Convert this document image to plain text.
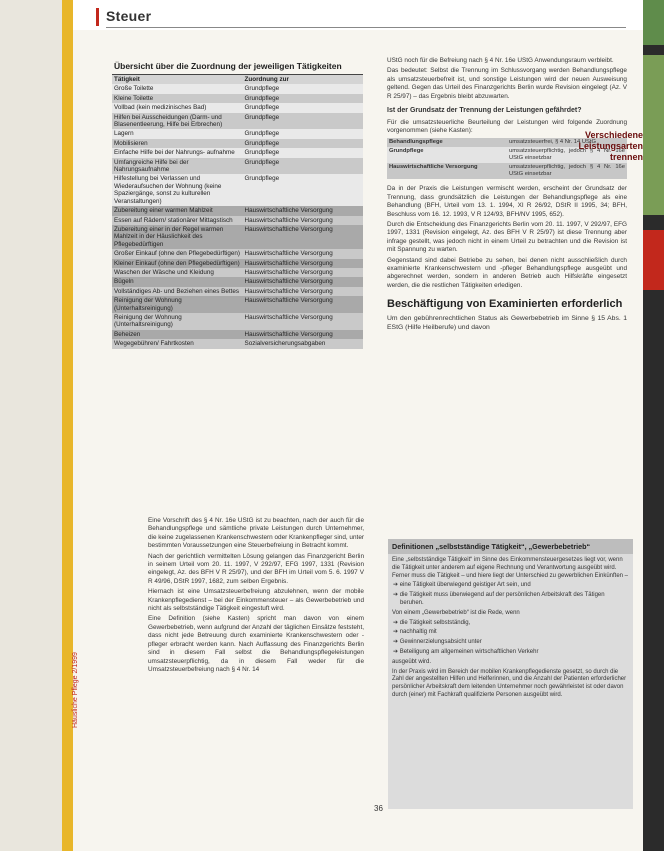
Steuer
Übersicht über die Zuordnung der jeweiligen Tätigkeiten
Tätigkeit	Zuordnung zur
Große Toilette	Grundpflege
Kleine Toilette	Grundpflege
Vollbad (kein medizinisches Bad)	Grundpflege
Hilfen bei Ausscheidungen (Darm- und Blasenentleerung, Hilfe bei Erbrechen)	Grundpflege
Lagern	Grundpflege
Mobilisieren	Grundpflege
Einfache Hilfe bei der Nahrungs- aufnahme	Grundpflege
Umfangreiche Hilfe bei der Nahrungsaufnahme	Grundpflege
Hilfestellung bei Verlassen und Wiederaufsuchen der Wohnung (keine Spaziergänge, sonst zu kulturellen Veranstaltungen)	Grundpflege
Zubereitung einer warmen Mahlzeit	Hauswirtschaftliche Versorgung
Essen auf Rädern/ stationärer Mittagstisch	Hauswirtschaftliche Versorgung
Zubereitung einer in der Regel warmen Mahlzeit in der Häuslichkeit des Pflegebedürftigen	Hauswirtschaftliche Versorgung
Großer Einkauf (ohne den Pflegebedürftigen)	Hauswirtschaftliche Versorgung
Kleiner Einkauf (ohne den Pflegebedürftigen)	Hauswirtschaftliche Versorgung
Waschen der Wäsche und Kleidung	Hauswirtschaftliche Versorgung
Bügeln	Hauswirtschaftliche Versorgung
Vollständiges Ab- und Beziehen eines Bettes	Hauswirtschaftliche Versorgung
Reinigung der Wohnung (Unterhaltsreinigung)	Hauswirtschaftliche Versorgung
Reinigung der Wohnung (Unterhaltsreinigung)	Hauswirtschaftliche Versorgung
Beheizen	Hauswirtschaftliche Versorgung
Wegegebühren/ Fahrtkosten	Sozialversicherungsabgaben

Eine Vorschrift des § 4 Nr. 16e UStG ist zu beachten, nach der auch für die Behandlungspflege und sämtliche private Leistungen durch Unternehmer, die keine zugelassenen Krankenschwestern oder Krankenpfleger sind, unter bestimmten Voraussetzungen eine Steuerbefreiung in Betracht kommt.

Nach der gerichtlich vermittelten Lösung gelangen das Finanzgericht Berlin in seinem Urteil vom 20. 11. 1997, V 292/97, EFG 1997, 1331 (Revision eingelegt, Az. des BFH V R 25/97), und der BFH im Urteil vom 5. 6. 1997 V R 49/96, DStR 1997, 1682, zum selben Ergebnis.

Hiernach ist eine Umsatzsteuerbefreiung abzulehnen, wenn der mobile Krankenpflegedienst – bei der Einkommensteuer – als Gewerbebetrieb und nicht als selbstständige Tätigkeit eingestuft wird.

Eine Definition (siehe Kasten) spricht man davon von einem Gewerbebetrieb, wenn aufgrund der Anzahl der täglichen Einsätze feststeht, dass nicht jede Betreuung durch examinierte Krankenschwestern oder -pfleger erbracht werden kann. Nach Auffassung des Finanzgerichts Berlin sind in diesem Fall selbst die Behandlungspflegeleistungen umsatzsteuerpflichtig, da in diesem Fall weder für die Umsatzsteuerbefreiung nach § 4 Nr. 14

UStG noch für die Befreiung nach § 4 Nr. 16e UStG Anwendungsraum verbleibt.

Das bedeutet: Selbst die Trennung im Schlussvorgang werden Behandlungspflege als umsatzsteuerbefreit ist, und sonstige Leistungen wird der neuen Ausweisung geltend. Gegen das Urteil des Finanzgerichts Berlin wurde Revision eingelegt (Az. V R 25/97) – das Ergebnis bleibt abzuwarten.

Ist der Grundsatz der Trennung der Leistungen gefährdet?

Für die umsatzsteuerliche Beurteilung der Leistungen wird folgende Zuordnung vorgenommen (siehe Kasten):

Behandlungspflege	umsatzsteuerfrei, § 4 Nr. 14 UStG
Grundpflege	umsatzsteuerpflichtig, jedoch § 4 Nr. 16e UStG einsetzbar
Hauswirtschaftliche Versorgung	umsatzsteuerpflichtig, jedoch § 4 Nr. 16e UStG einsetzbar

Da in der Praxis die Leistungen vermischt werden, erscheint der Grundsatz der Trennung, dass grundsätzlich die Leistungen der Behandlungspflege als eine Behandlung (BFH, Urteil vom 13. 1. 1994, XI R 26/92, DStR II 1995, 34; BFH, Beschluss vom 16. 12. 1993, V R 124/93, BFH/NV 1995, 652).

Durch die Entscheidung des Finanzgerichts Berlin vom 20. 11. 1997, V 292/97, EFG 1997, 1331 (Revision eingelegt, Az. des BFH V R 25/97) ist diese Trennung aber infrage gestellt, was jedoch nicht in einem Urteil zu betrachten und die Revision ist mit Spannung zu warten.

Gegenstand sind dabei Betriebe zu sehen, bei denen nicht ausschließlich durch examinierte Krankenschwestern und -pfleger Behandlungspflege ausgeübt und abgerechnet werden, sondern in anderen Betrieb auch Hilfskräfte eingesetzt werden, die die restlichen Tätigkeiten erledigen.

Beschäftigung von Examinierten erforderlich

Um den gebührenrechtlichen Status als Gewerbebetrieb im Sinne § 15 Abs. 1 EStG (Hilfe Heilberufe) und davon

Verschiedene
Leistungsarten
trennen
Definitionen „selbstständige Tätigkeit“, „Gewerbebetrieb“

Eine „selbstständige Tätigkeit“ im Sinne des Einkommensteuergesetzes liegt vor, wenn die Tätigkeit unter anderem auf eigene Rechnung und Verantwortung ausgeübt wird. Ferner muss die Tätigkeit – und hiere liegt der Unterschied zu gewerblichen Einkünften –

➔ eine Tätigkeit überwiegend geistiger Art sein, und

➔ die Tätigkeit muss überwiegend auf der persönlichen Arbeitskraft des Tätigen beruhen.

Von einem „Gewerbebetrieb“ ist die Rede, wenn

➔ die Tätigkeit selbstständig,

➔ nachhaltig mit

➔ Gewinnerzielungsabsicht unter

➔ Beteiligung am allgemeinen wirtschaftlichen Verkehr

ausgeübt wird.

In der Praxis wird im Bereich der mobilen Krankenpflegedienste gesetzt, so durch die Zahl der angestellten Hilfen und Helferinnen, und die Anzahl der Patienten erforderlicher persönlicher Arbeitskraft dem leitenden Unternehmer noch gewährleistet ist oder davon durch (einer) mit Fachkraft qualifizierte Personen ausgeübt wird.

Häusliche Pflege 2/1999
36
